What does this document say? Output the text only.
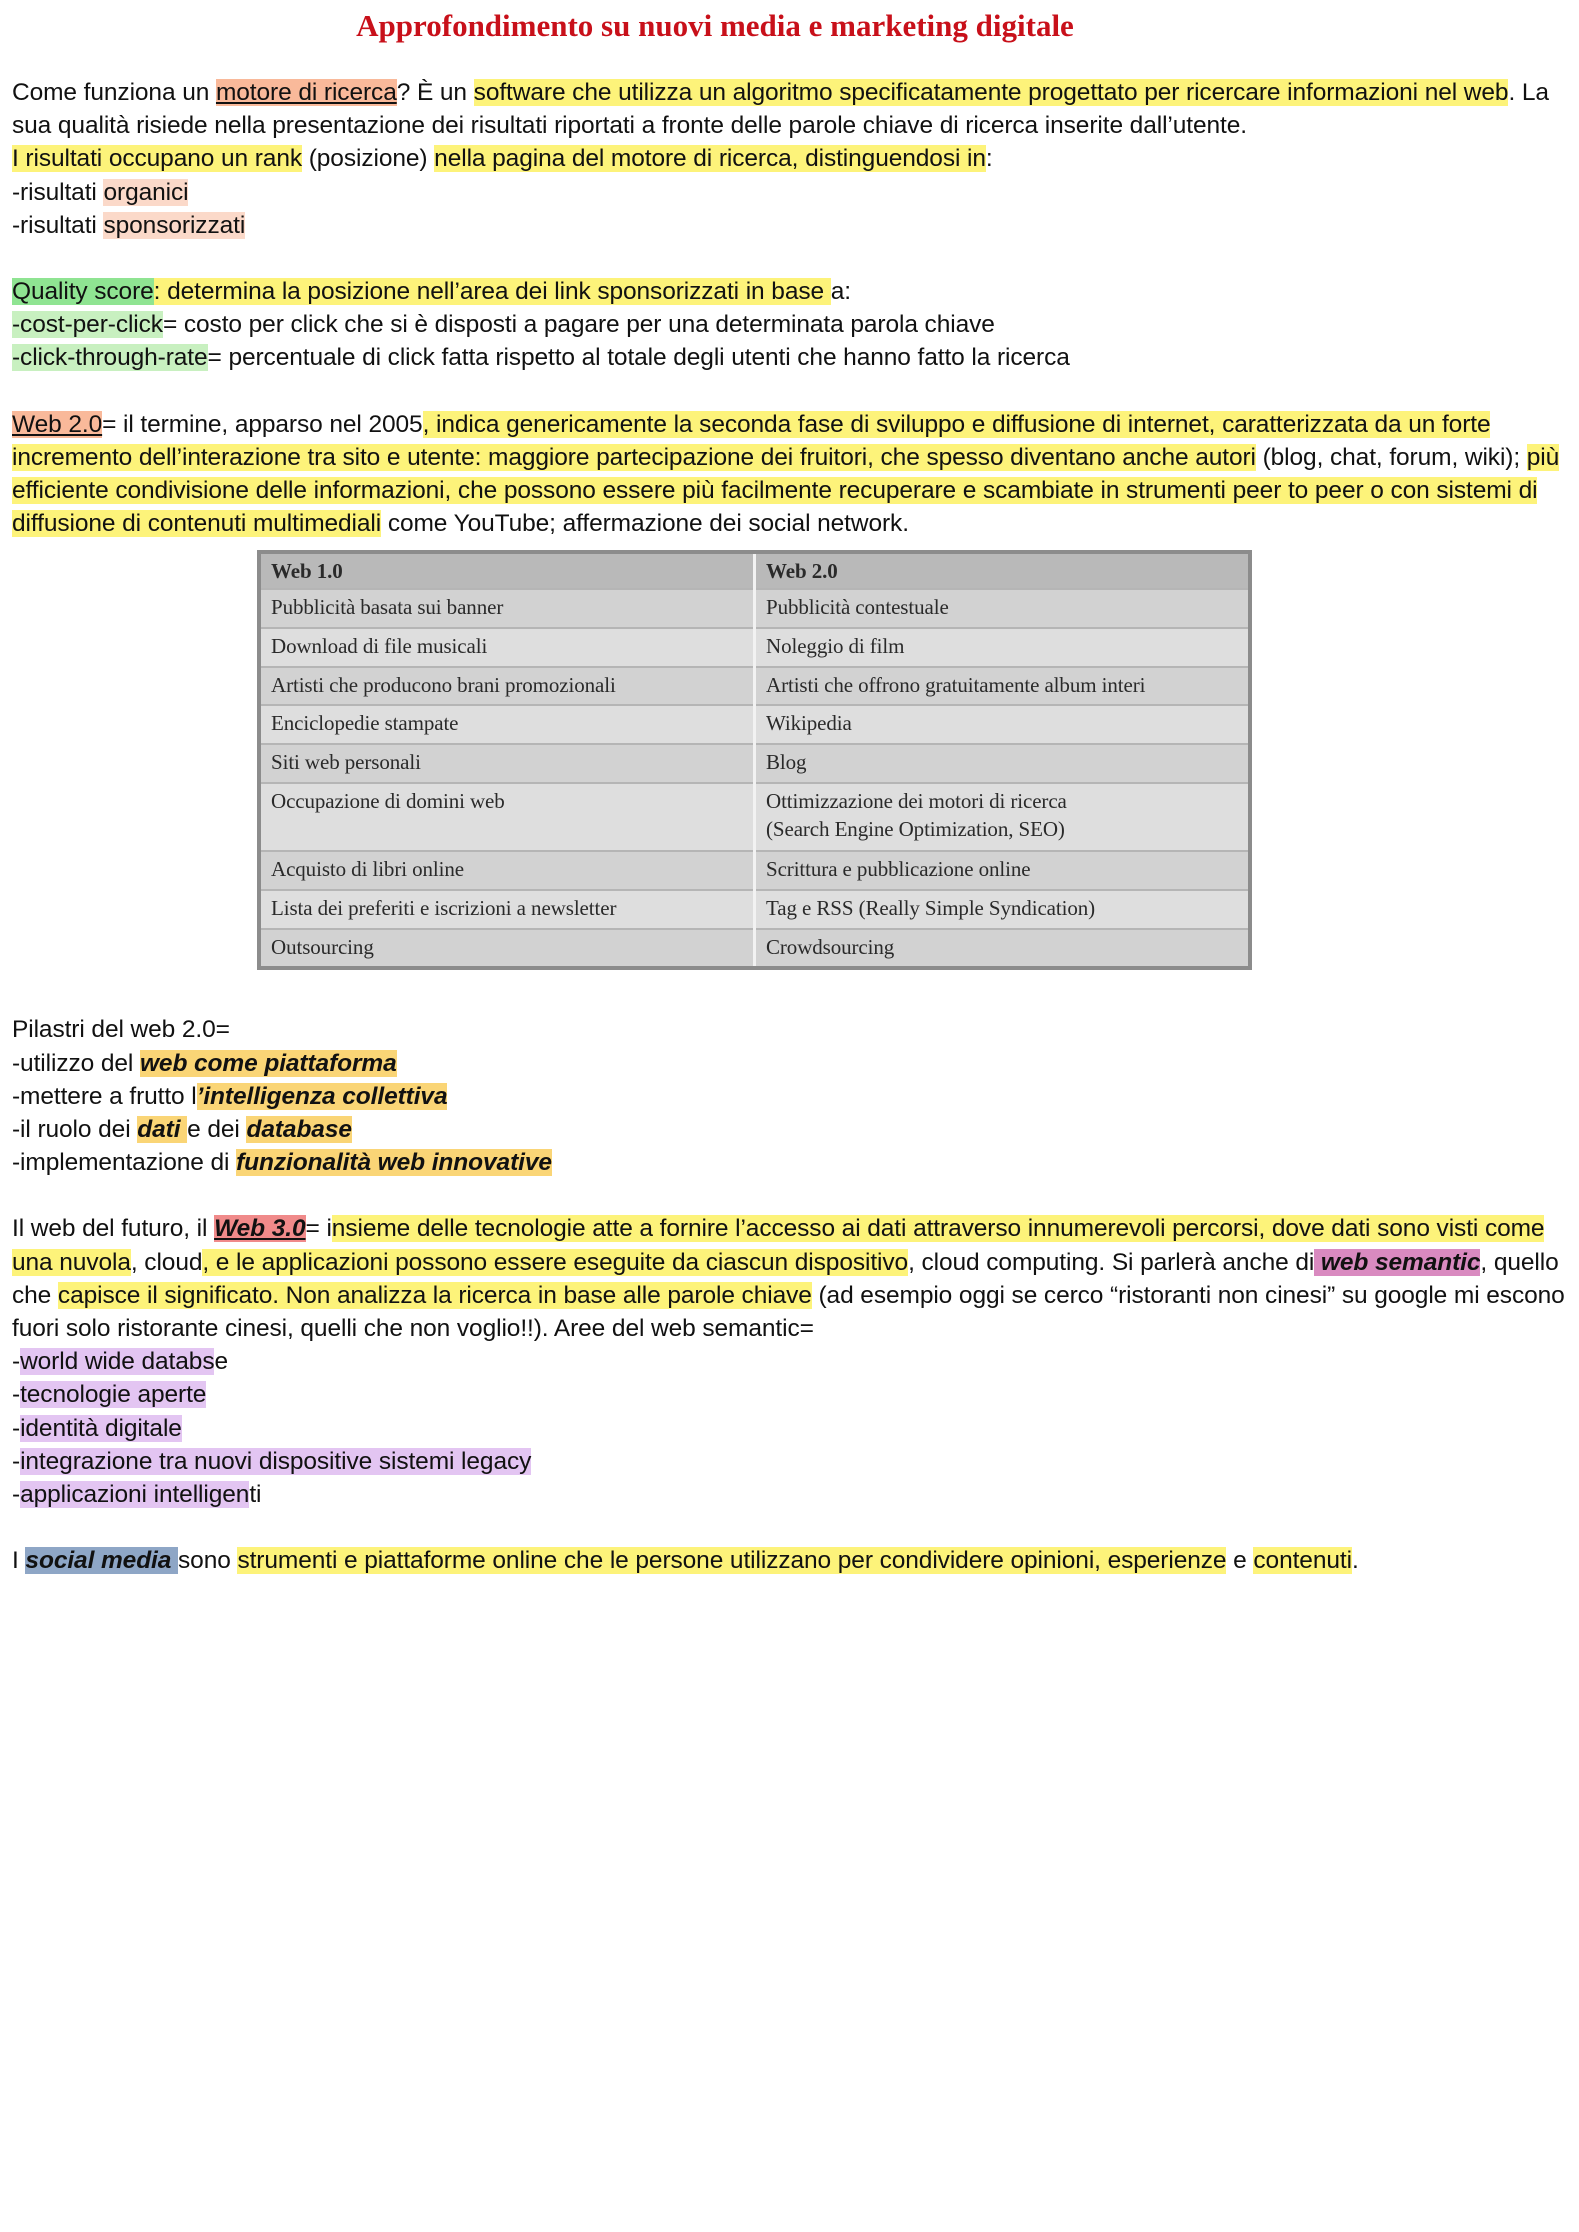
Approfondimento su nuovi media e marketing digitale

Come funziona un motore di ricerca? È un software che utilizza un algoritmo specificatamente progettato per ricercare informazioni nel web. La sua qualità risiede nella presentazione dei risultati riportati a fronte delle parole chiave di ricerca inserite dall’utente.

I risultati occupano un rank (posizione) nella pagina del motore di ricerca, distinguendosi in:

-risultati organici

-risultati sponsorizzati

Quality score: determina la posizione nell’area dei link sponsorizzati in base a:

-cost-per-click= costo per click che si è disposti a pagare per una determinata parola chiave

-click-through-rate= percentuale di click fatta rispetto al totale degli utenti che hanno fatto la ricerca

Web 2.0= il termine, apparso nel 2005, indica genericamente la seconda fase di sviluppo e diffusione di internet, caratterizzata da un forte incremento dell’interazione tra sito e utente: maggiore partecipazione dei fruitori, che spesso diventano anche autori (blog, chat, forum, wiki); più efficiente condivisione delle informazioni, che possono essere più facilmente recuperare e scambiate in strumenti peer to peer o con sistemi di diffusione di contenuti multimediali come YouTube; affermazione dei social network.

Web 1.0	Web 2.0
Pubblicità basata sui banner	Pubblicità contestuale
Download di file musicali	Noleggio di film
Artisti che producono brani promozionali	Artisti che offrono gratuitamente album interi
Enciclopedie stampate	Wikipedia
Siti web personali	Blog
Occupazione di domini web	Ottimizzazione dei motori di ricerca
(Search Engine Optimization, SEO)
Acquisto di libri online	Scrittura e pubblicazione online
Lista dei preferiti e iscrizioni a newsletter	Tag e RSS (Really Simple Syndication)
Outsourcing	Crowdsourcing

Pilastri del web 2.0=

-utilizzo del web come piattaforma

-mettere a frutto l’intelligenza collettiva

-il ruolo dei dati e dei database

-implementazione di funzionalità web innovative

Il web del futuro, il Web 3.0= insieme delle tecnologie atte a fornire l’accesso ai dati attraverso innumerevoli percorsi, dove dati sono visti come una nuvola, cloud, e le applicazioni possono essere eseguite da ciascun dispositivo, cloud computing. Si parlerà anche di web semantic, quello che capisce il significato. Non analizza la ricerca in base alle parole chiave (ad esempio oggi se cerco “ristoranti non cinesi” su google mi escono fuori solo ristorante cinesi, quelli che non voglio!!). Aree del web semantic=

-world wide databse

-tecnologie aperte

-identità digitale

-integrazione tra nuovi dispositive sistemi legacy

-applicazioni intelligenti

I social media sono strumenti e piattaforme online che le persone utilizzano per condividere opinioni, esperienze e contenuti.
